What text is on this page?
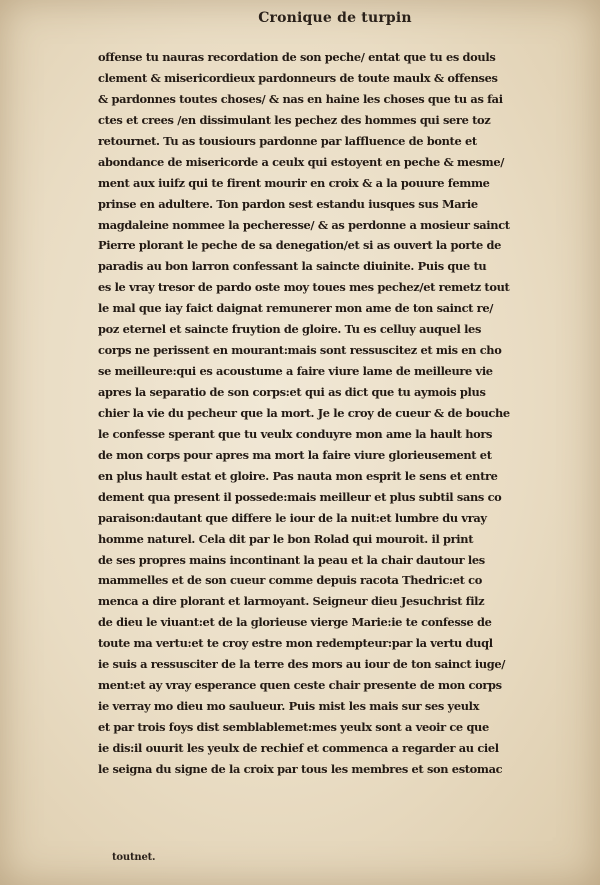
Cronique de turpin
offense tu nauras recordation de son peche/ entat que tu es douls
clement & misericordieux pardonneurs de toute maulx & offenses
& pardonnes toutes choses/ & nas en haine les choses que tu as fai
ctes et crees /en dissimulant les pechez des hommes qui sere toz
retournet. Tu as tousiours pardonne par laffluence de bonte et
abondance de misericorde a ceulx qui estoyent en peche & mesme/
ment aux iuifz qui te firent mourir en croix & a la pouure femme
prinse en adultere. Ton pardon sest estandu iusques sus Marie
magdaleine nommee la pecheresse/ & as perdonne a mosieur sainct
Pierre plorant le peche de sa denegation/et si as ouvert la porte de
paradis au bon larron confessant la saincte diuinite. Puis que tu
es le vray tresor de pardo oste moy toues mes pechez/et remetz tout
le mal que iay faict daignat remunerer mon ame de ton sainct re/
poz eternel et saincte fruytion de gloire. Tu es celluy auquel les
corps ne perissent en mourant:mais sont ressuscitez et mis en cho
se meilleure:qui es acoustume a faire viure lame de meilleure vie
apres la separatio de son corps:et qui as dict que tu aymois plus
chier la vie du pecheur que la mort. Je le croy de cueur & de bouche
le confesse sperant que tu veulx conduyre mon ame la hault hors
de mon corps pour apres ma mort la faire viure glorieusement et
en plus hault estat et gloire. Pas nauta mon esprit le sens et entre
dement qua present il possede:mais meilleur et plus subtil sans co
paraison:dautant que differe le iour de la nuit:et lumbre du vray
homme naturel. Cela dit par le bon Rolad qui mouroit. il print
de ses propres mains incontinant la peau et la chair dautour les
mammelles et de son cueur comme depuis racota Thedric:et co
menca a dire plorant et larmoyant. Seigneur dieu Jesuchrist filz
de dieu le viuant:et de la glorieuse vierge Marie:ie te confesse de
toute ma vertu:et te croy estre mon redempteur:par la vertu duql
ie suis a ressusciter de la terre des mors au iour de ton sainct iuge/
ment:et ay vray esperance quen ceste chair presente de mon corps
ie verray mo dieu mo saulueur. Puis mist les mais sur ses yeulx
et par trois foys dist semblablemet:mes yeulx sont a veoir ce que
ie dis:il ouurit les yeulx de rechief et commenca a regarder au ciel
le seigna du signe de la croix par tous les membres et son estomac
toutnet.
